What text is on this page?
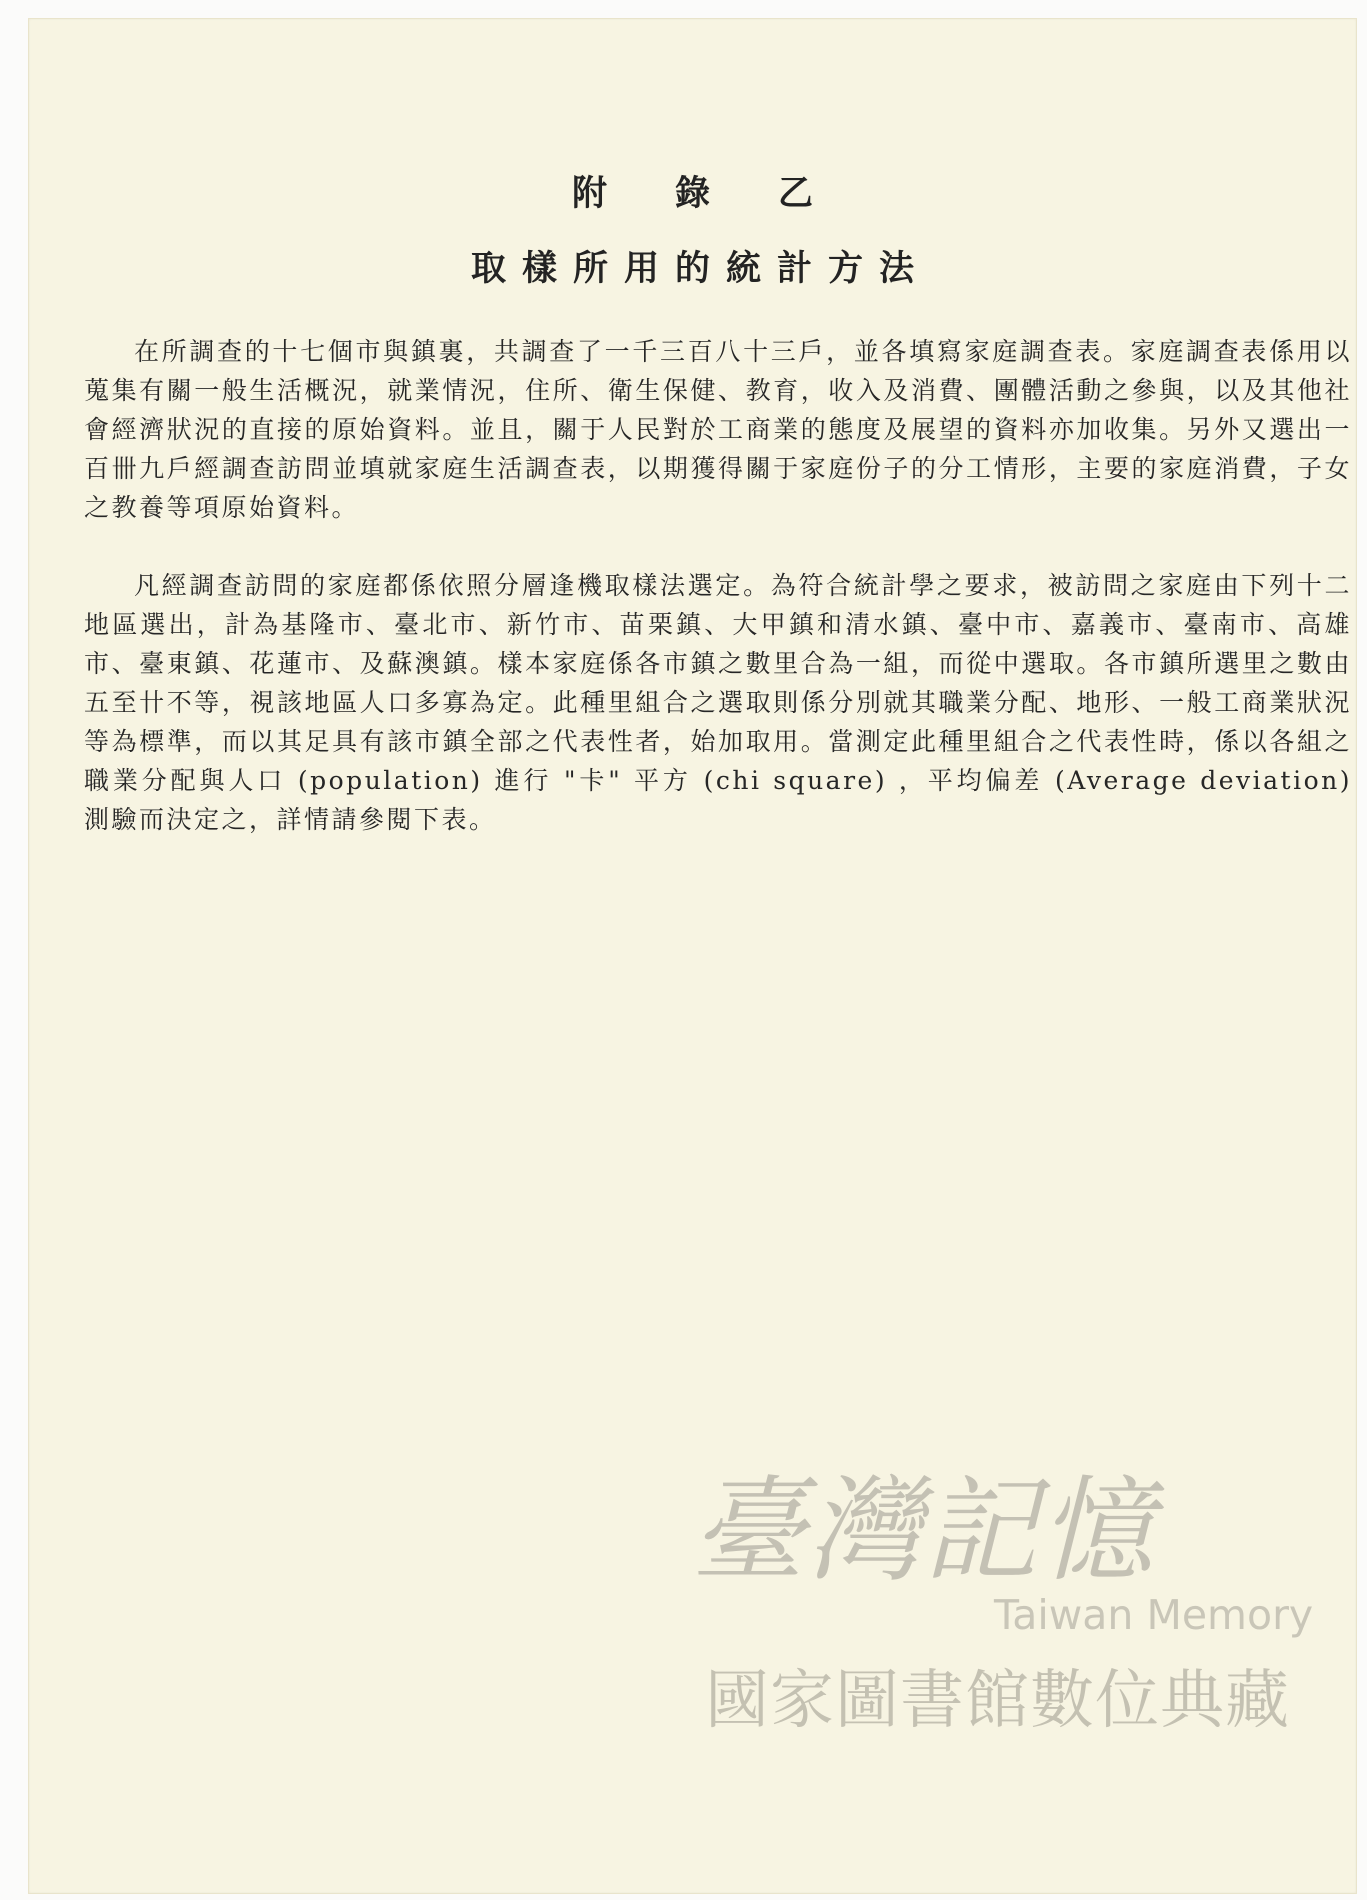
附錄乙
取樣所用的統計方法

在所調查的十七個市與鎮裏，共調查了一千三百八十三戶，並各填寫家庭調查表。家庭調查表係用以蒐集有關一般生活概況，就業情況，住所、衛生保健、教育，收入及消費、團體活動之參與，以及其他社會經濟狀況的直接的原始資料。並且，關于人民對於工商業的態度及展望的資料亦加收集。另外又選出一百卌九戶經調查訪問並填就家庭生活調查表，以期獲得關于家庭份子的分工情形，主要的家庭消費，子女之教養等項原始資料。

凡經調查訪問的家庭都係依照分層逢機取樣法選定。為符合統計學之要求，被訪問之家庭由下列十二地區選出，計為基隆市、臺北市、新竹市、苗栗鎮、大甲鎮和清水鎮、臺中市、嘉義市、臺南市、高雄市、臺東鎮、花蓮市、及蘇澳鎮。樣本家庭係各市鎮之數里合為一組，而從中選取。各市鎮所選里之數由五至卄不等，視該地區人口多寡為定。此種里組合之選取則係分別就其職業分配、地形、一般工商業狀況等為標準，而以其足具有該市鎮全部之代表性者，始加取用。當測定此種里組合之代表性時，係以各組之職業分配與人口 (population) 進行 "卡" 平方 (chi square) ，平均偏差 (Average deviation) 測驗而決定之，詳情請參閱下表。

臺灣記憶
Taiwan Memory
國家圖書館數位典藏
